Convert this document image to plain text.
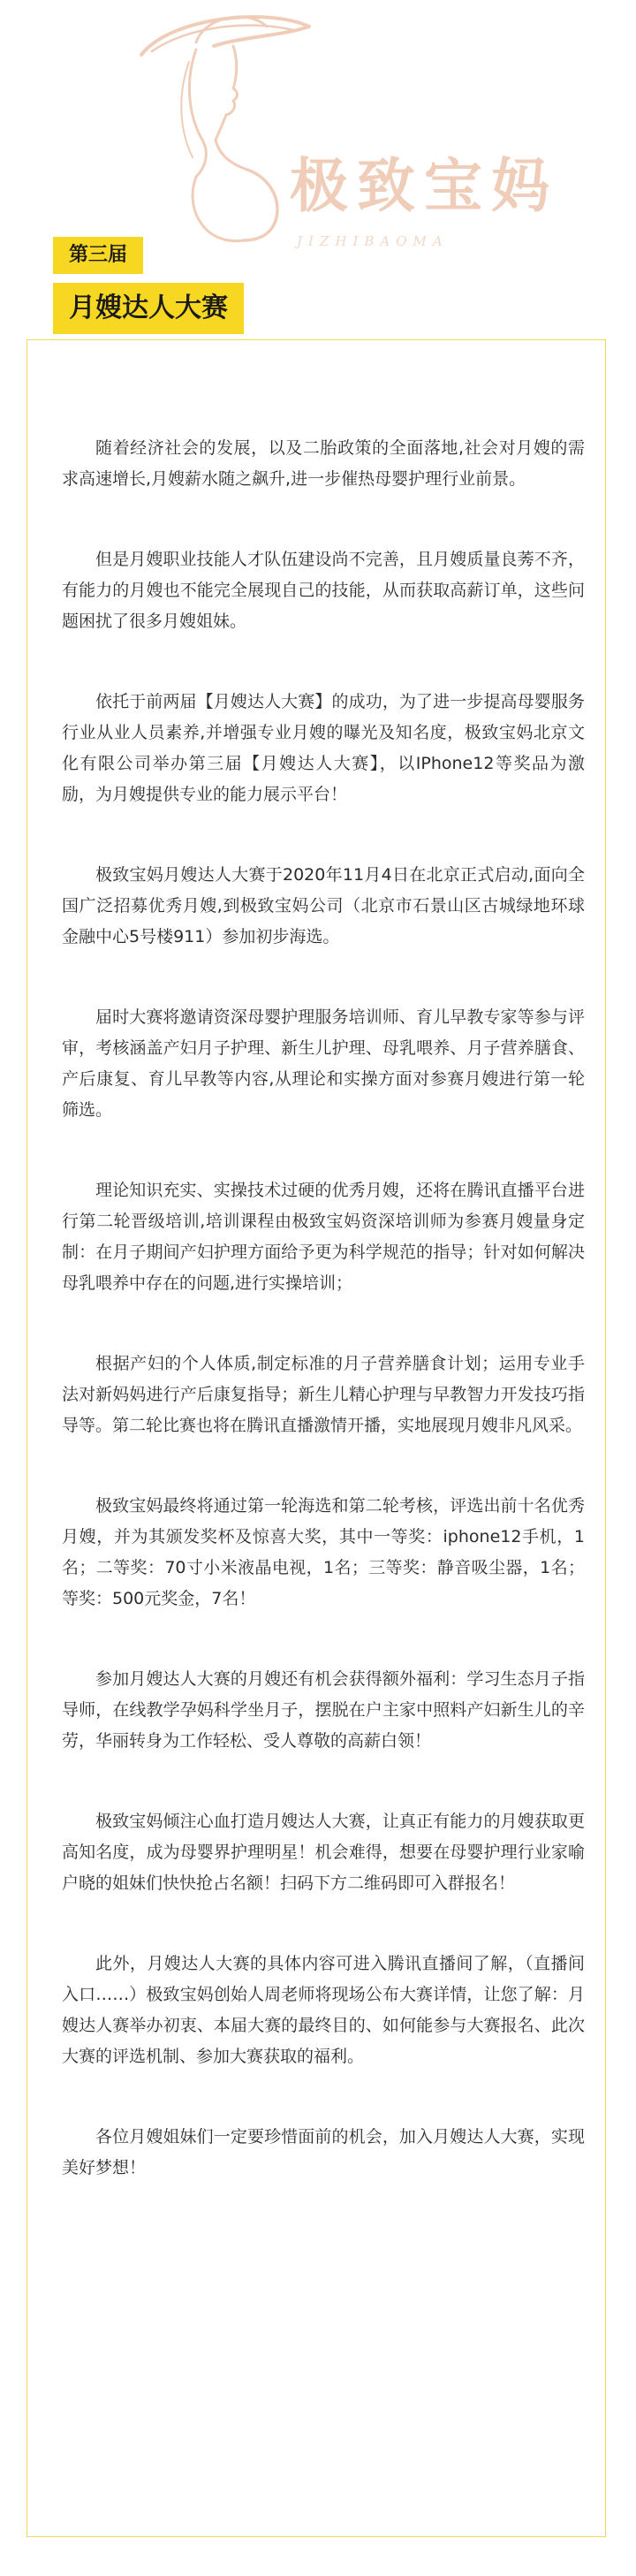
极致宝妈
JIZHIBAOMA
第三届
月嫂达人大赛

随着经济社会的发展，以及二胎政策的全面落地,社会对月嫂的需求高速增长,月嫂薪水随之飙升,进一步催热母婴护理行业前景。

但是月嫂职业技能人才队伍建设尚不完善，且月嫂质量良莠不齐，有能力的月嫂也不能完全展现自己的技能，从而获取高薪订单，这些问题困扰了很多月嫂姐妹。

依托于前两届【月嫂达人大赛】的成功，为了进一步提高母婴服务行业从业人员素养,并增强专业月嫂的曝光及知名度，极致宝妈北京文化有限公司举办第三届【月嫂达人大赛】，以IPhone12等奖品为激励，为月嫂提供专业的能力展示平台！

极致宝妈月嫂达人大赛于2020年11月4日在北京正式启动,面向全国广泛招募优秀月嫂,到极致宝妈公司（北京市石景山区古城绿地环球金融中心5号楼911）参加初步海选。

届时大赛将邀请资深母婴护理服务培训师、育儿早教专家等参与评审，考核涵盖产妇月子护理、新生儿护理、母乳喂养、月子营养膳食、产后康复、育儿早教等内容,从理论和实操方面对参赛月嫂进行第一轮筛选。

理论知识充实、实操技术过硬的优秀月嫂，还将在腾讯直播平台进行第二轮晋级培训,培训课程由极致宝妈资深培训师为参赛月嫂量身定制：在月子期间产妇护理方面给予更为科学规范的指导；针对如何解决母乳喂养中存在的问题,进行实操培训；

根据产妇的个人体质,制定标准的月子营养膳食计划；运用专业手法对新妈妈进行产后康复指导；新生儿精心护理与早教智力开发技巧指导等。第二轮比赛也将在腾讯直播激情开播，实地展现月嫂非凡风采。

极致宝妈最终将通过第一轮海选和第二轮考核，评选出前十名优秀月嫂，并为其颁发奖杯及惊喜大奖，其中一等奖：iphone12手机，1名；二等奖：70寸小米液晶电视，1名；三等奖：静音吸尘器，1名；等奖：500元奖金，7名！

参加月嫂达人大赛的月嫂还有机会获得额外福利：学习生态月子指导师，在线教学孕妈科学坐月子，摆脱在户主家中照料产妇新生儿的辛劳，华丽转身为工作轻松、受人尊敬的高薪白领！

极致宝妈倾注心血打造月嫂达人大赛，让真正有能力的月嫂获取更高知名度，成为母婴界护理明星！机会难得，想要在母婴护理行业家喻户晓的姐妹们快快抢占名额！扫码下方二维码即可入群报名！

此外，月嫂达人大赛的具体内容可进入腾讯直播间了解，（直播间入口……）极致宝妈创始人周老师将现场公布大赛详情，让您了解：月嫂达人赛举办初衷、本届大赛的最终目的、如何能参与大赛报名、此次大赛的评选机制、参加大赛获取的福利。

各位月嫂姐妹们一定要珍惜面前的机会，加入月嫂达人大赛，实现美好梦想！
